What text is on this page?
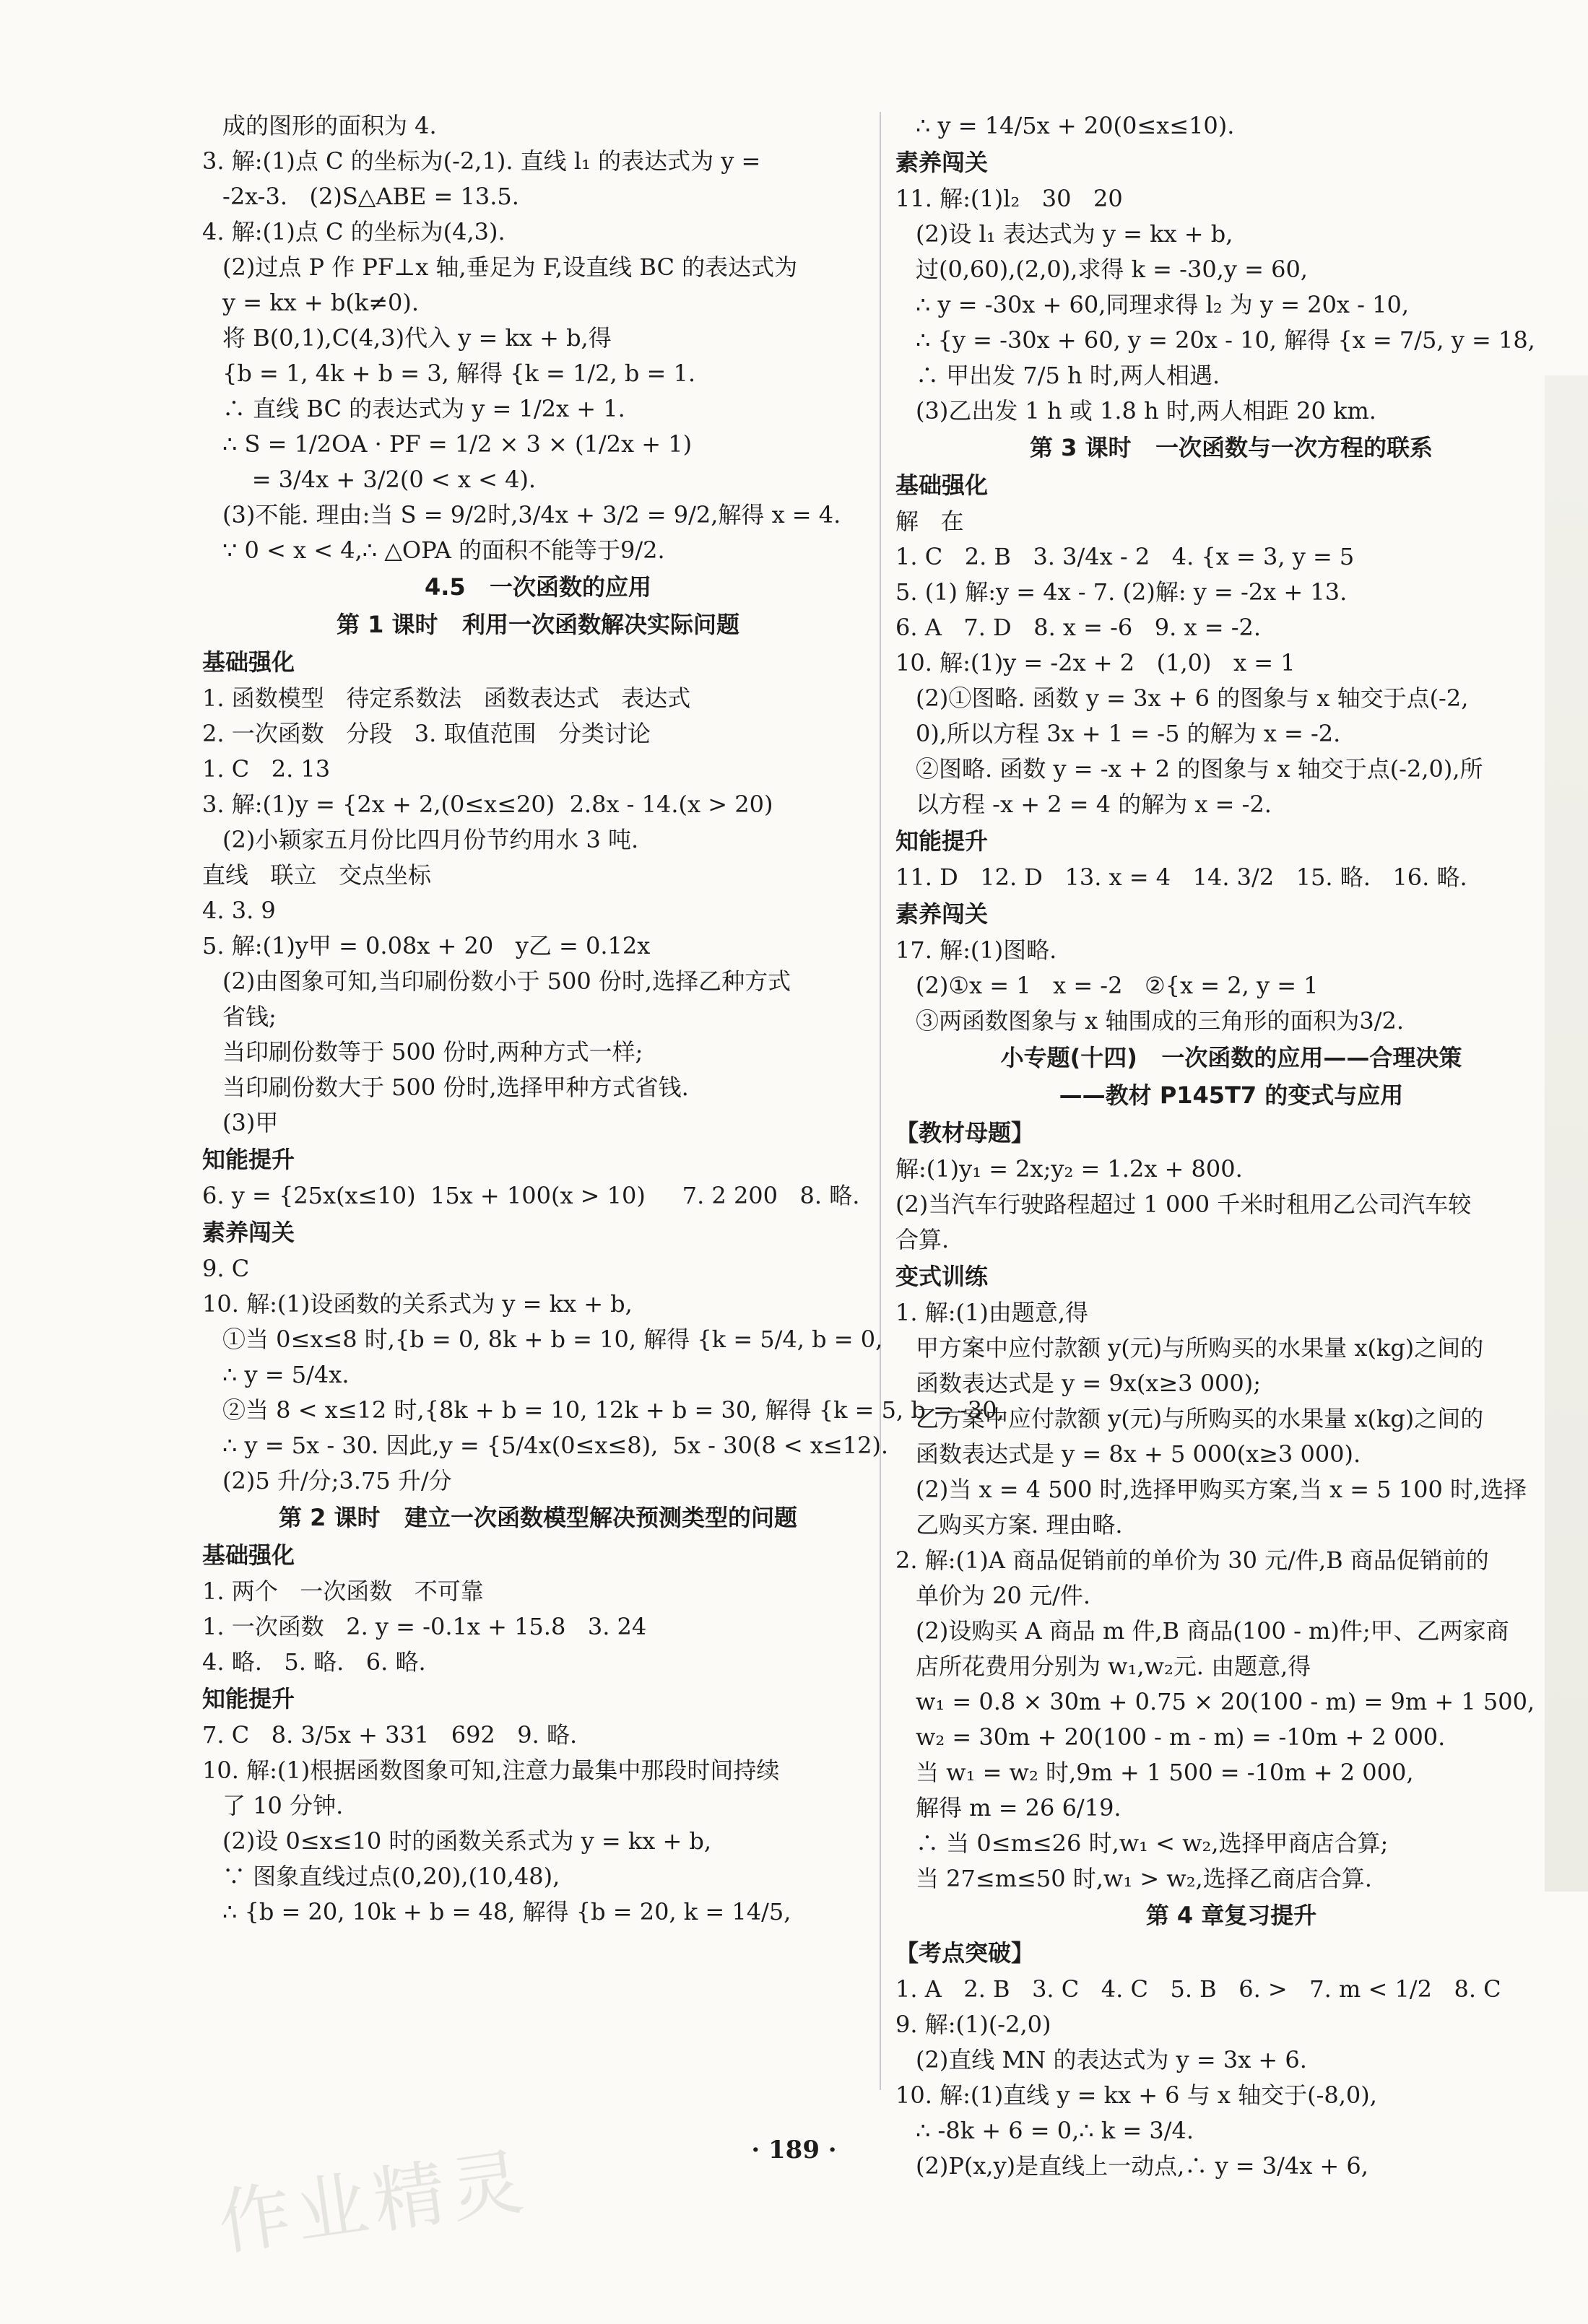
成的图形的面积为 4.
3. 解:(1)点 C 的坐标为(-2,1). 直线 l₁ 的表达式为 y =
-2x-3.   (2)S△ABE = 13.5.
4. 解:(1)点 C 的坐标为(4,3).
(2)过点 P 作 PF⊥x 轴,垂足为 F,设直线 BC 的表达式为
y = kx + b(k≠0).
将 B(0,1),C(4,3)代入 y = kx + b,得
{b = 1, 4k + b = 3, 解得 {k = 1/2, b = 1.
∴ 直线 BC 的表达式为 y = 1/2x + 1.
∴ S = 1/2OA · PF = 1/2 × 3 × (1/2x + 1)
= 3/4x + 3/2(0 < x < 4).
(3)不能. 理由:当 S = 9/2时,3/4x + 3/2 = 9/2,解得 x = 4.
∵ 0 < x < 4,∴ △OPA 的面积不能等于9/2.
4.5   一次函数的应用
第 1 课时   利用一次函数解决实际问题
基础强化
1. 函数模型   待定系数法   函数表达式   表达式
2. 一次函数   分段   3. 取值范围   分类讨论
1. C   2. 13
3. 解:(1)y = {2x + 2,(0≤x≤20)  2.8x - 14.(x > 20)
(2)小颖家五月份比四月份节约用水 3 吨.
直线   联立   交点坐标
4. 3. 9
5. 解:(1)y甲 = 0.08x + 20   y乙 = 0.12x
(2)由图象可知,当印刷份数小于 500 份时,选择乙种方式
省钱;
当印刷份数等于 500 份时,两种方式一样;
当印刷份数大于 500 份时,选择甲种方式省钱.
(3)甲
知能提升
6. y = {25x(x≤10)  15x + 100(x > 10)     7. 2 200   8. 略.
素养闯关
9. C
10. 解:(1)设函数的关系式为 y = kx + b,
①当 0≤x≤8 时,{b = 0, 8k + b = 10, 解得 {k = 5/4, b = 0,
∴ y = 5/4x.
②当 8 < x≤12 时,{8k + b = 10, 12k + b = 30, 解得 {k = 5, b = -30,
∴ y = 5x - 30. 因此,y = {5/4x(0≤x≤8),  5x - 30(8 < x≤12).
(2)5 升/分;3.75 升/分
第 2 课时   建立一次函数模型解决预测类型的问题
基础强化
1. 两个   一次函数   不可靠
1. 一次函数   2. y = -0.1x + 15.8   3. 24
4. 略.   5. 略.   6. 略.
知能提升
7. C   8. 3/5x + 331   692   9. 略.
10. 解:(1)根据函数图象可知,注意力最集中那段时间持续
了 10 分钟.
(2)设 0≤x≤10 时的函数关系式为 y = kx + b,
∵ 图象直线过点(0,20),(10,48),
∴ {b = 20, 10k + b = 48, 解得 {b = 20, k = 14/5,
∴ y = 14/5x + 20(0≤x≤10).
素养闯关
11. 解:(1)l₂   30   20
(2)设 l₁ 表达式为 y = kx + b,
过(0,60),(2,0),求得 k = -30,y = 60,
∴ y = -30x + 60,同理求得 l₂ 为 y = 20x - 10,
∴ {y = -30x + 60, y = 20x - 10, 解得 {x = 7/5, y = 18,
∴ 甲出发 7/5 h 时,两人相遇.
(3)乙出发 1 h 或 1.8 h 时,两人相距 20 km.
第 3 课时   一次函数与一次方程的联系
基础强化
解   在
1. C   2. B   3. 3/4x - 2   4. {x = 3, y = 5
5. (1) 解:y = 4x - 7. (2)解: y = -2x + 13.
6. A   7. D   8. x = -6   9. x = -2.
10. 解:(1)y = -2x + 2   (1,0)   x = 1
(2)①图略. 函数 y = 3x + 6 的图象与 x 轴交于点(-2,
0),所以方程 3x + 1 = -5 的解为 x = -2.
②图略. 函数 y = -x + 2 的图象与 x 轴交于点(-2,0),所
以方程 -x + 2 = 4 的解为 x = -2.
知能提升
11. D   12. D   13. x = 4   14. 3/2   15. 略.   16. 略.
素养闯关
17. 解:(1)图略.
(2)①x = 1   x = -2   ②{x = 2, y = 1
③两函数图象与 x 轴围成的三角形的面积为3/2.
小专题(十四)   一次函数的应用——合理决策
——教材 P145T7 的变式与应用
【教材母题】
解:(1)y₁ = 2x;y₂ = 1.2x + 800.
(2)当汽车行驶路程超过 1 000 千米时租用乙公司汽车较
合算.
变式训练
1. 解:(1)由题意,得
甲方案中应付款额 y(元)与所购买的水果量 x(kg)之间的
函数表达式是 y = 9x(x≥3 000);
乙方案中应付款额 y(元)与所购买的水果量 x(kg)之间的
函数表达式是 y = 8x + 5 000(x≥3 000).
(2)当 x = 4 500 时,选择甲购买方案,当 x = 5 100 时,选择
乙购买方案. 理由略.
2. 解:(1)A 商品促销前的单价为 30 元/件,B 商品促销前的
单价为 20 元/件.
(2)设购买 A 商品 m 件,B 商品(100 - m)件;甲、乙两家商
店所花费用分别为 w₁,w₂元. 由题意,得
w₁ = 0.8 × 30m + 0.75 × 20(100 - m) = 9m + 1 500,
w₂ = 30m + 20(100 - m - m) = -10m + 2 000.
当 w₁ = w₂ 时,9m + 1 500 = -10m + 2 000,
解得 m = 26 6/19.
∴ 当 0≤m≤26 时,w₁ < w₂,选择甲商店合算;
当 27≤m≤50 时,w₁ > w₂,选择乙商店合算.
第 4 章复习提升
【考点突破】
1. A   2. B   3. C   4. C   5. B   6. >   7. m < 1/2   8. C
9. 解:(1)(-2,0)
(2)直线 MN 的表达式为 y = 3x + 6.
10. 解:(1)直线 y = kx + 6 与 x 轴交于(-8,0),
∴ -8k + 6 = 0,∴ k = 3/4.
(2)P(x,y)是直线上一动点,∴ y = 3/4x + 6,
· 189 ·
作业精灵
